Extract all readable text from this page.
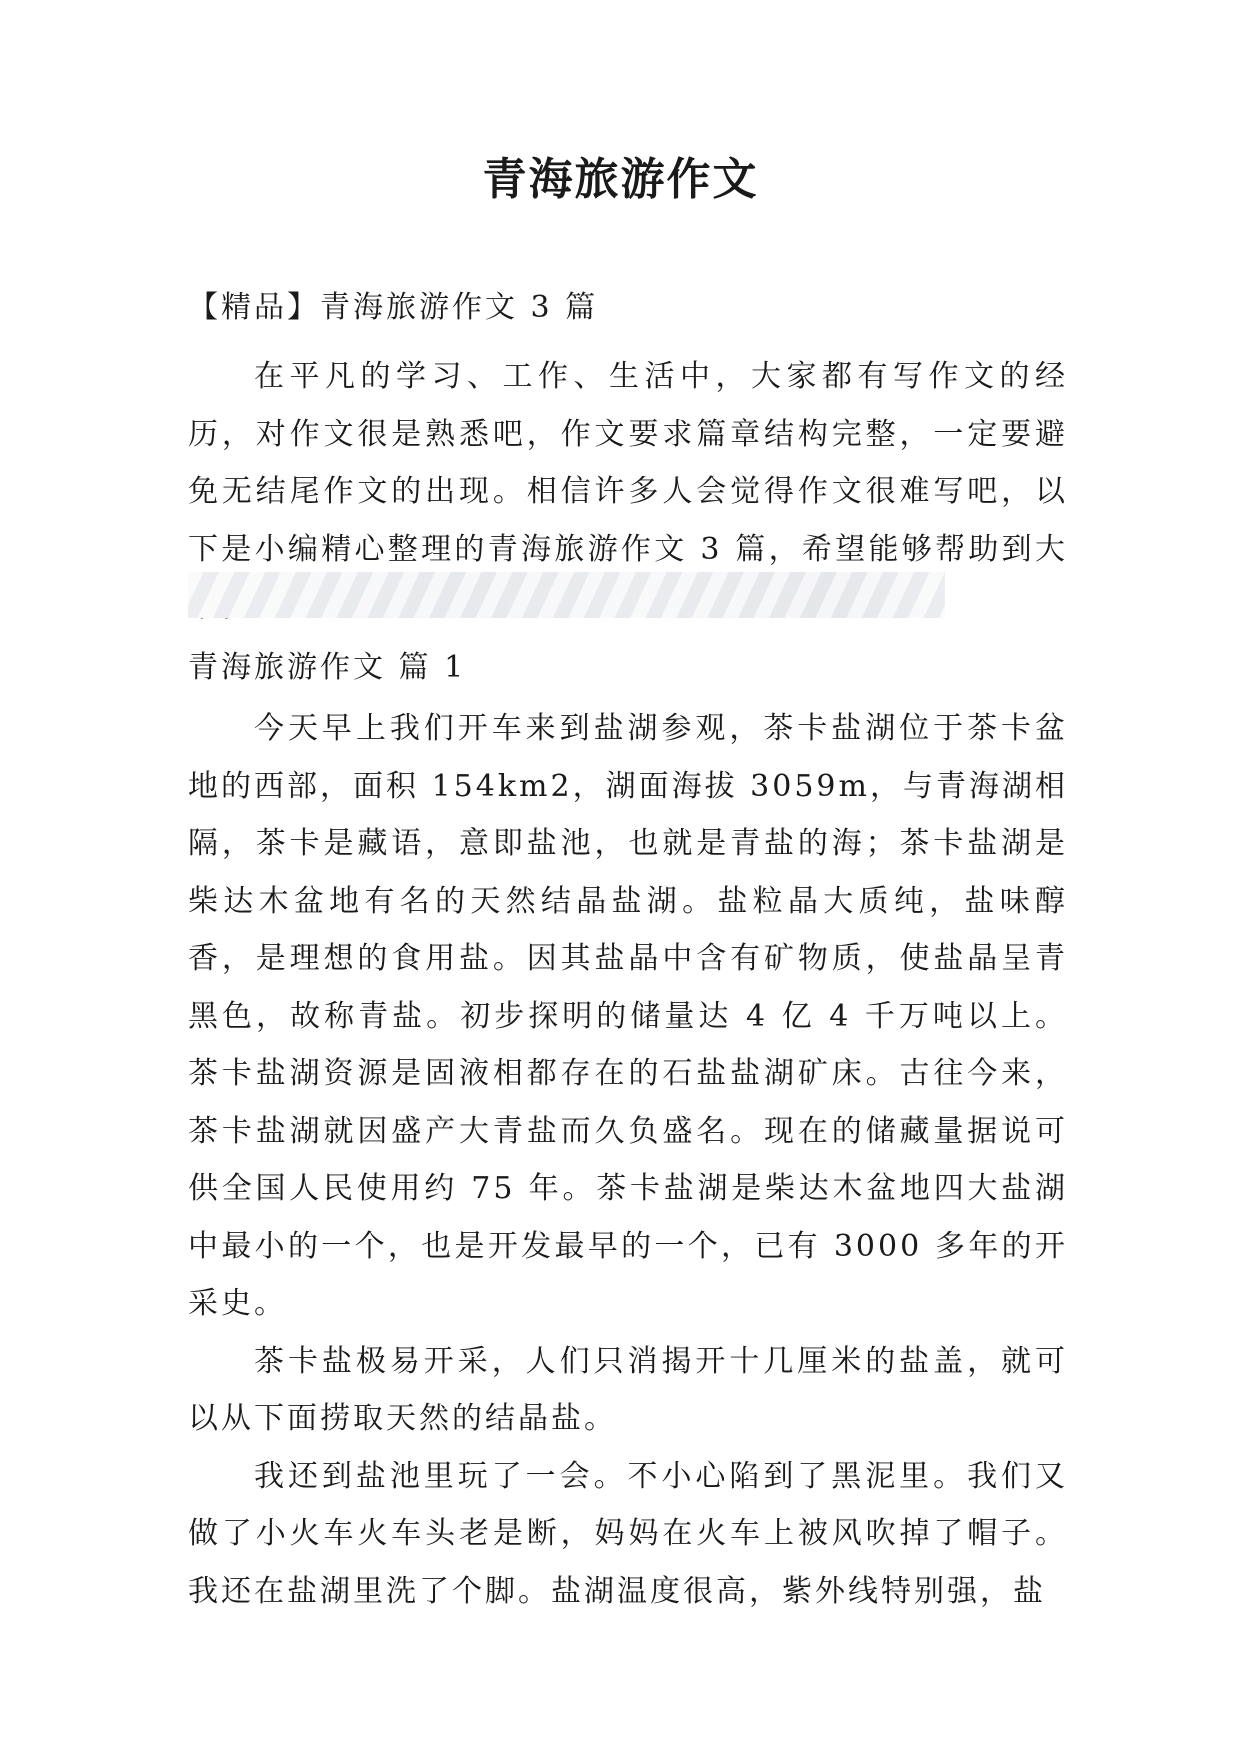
青海旅游作文
【精品】青海旅游作文 3 篇

在平凡的学习、工作、生活中，大家都有写作文的经历，对作文很是熟悉吧，作文要求篇章结构完整，一定要避免无结尾作文的出现。相信许多人会觉得作文很难写吧，以下是小编精心整理的青海旅游作文 3 篇，希望能够帮助到大

青海旅游作文 篇 1

今天早上我们开车来到盐湖参观，茶卡盐湖位于茶卡盆地的西部，面积 154km2，湖面海拔 3059m，与青海湖相隔，茶卡是藏语，意即盐池，也就是青盐的海；茶卡盐湖是柴达木盆地有名的天然结晶盐湖。盐粒晶大质纯，盐味醇香，是理想的食用盐。因其盐晶中含有矿物质，使盐晶呈青黑色，故称青盐。初步探明的储量达 4 亿 4 千万吨以上。茶卡盐湖资源是固液相都存在的石盐盐湖矿床。古往今来，茶卡盐湖就因盛产大青盐而久负盛名。现在的储藏量据说可供全国人民使用约 75 年。茶卡盐湖是柴达木盆地四大盐湖中最小的一个，也是开发最早的一个，已有 3000 多年的开采史。

茶卡盐极易开采，人们只消揭开十几厘米的盐盖，就可以从下面捞取天然的结晶盐。

我还到盐池里玩了一会。不小心陷到了黑泥里。我们又做了小火车火车头老是断，妈妈在火车上被风吹掉了帽子。我还在盐湖里洗了个脚。盐湖温度很高，紫外线特别强，盐
